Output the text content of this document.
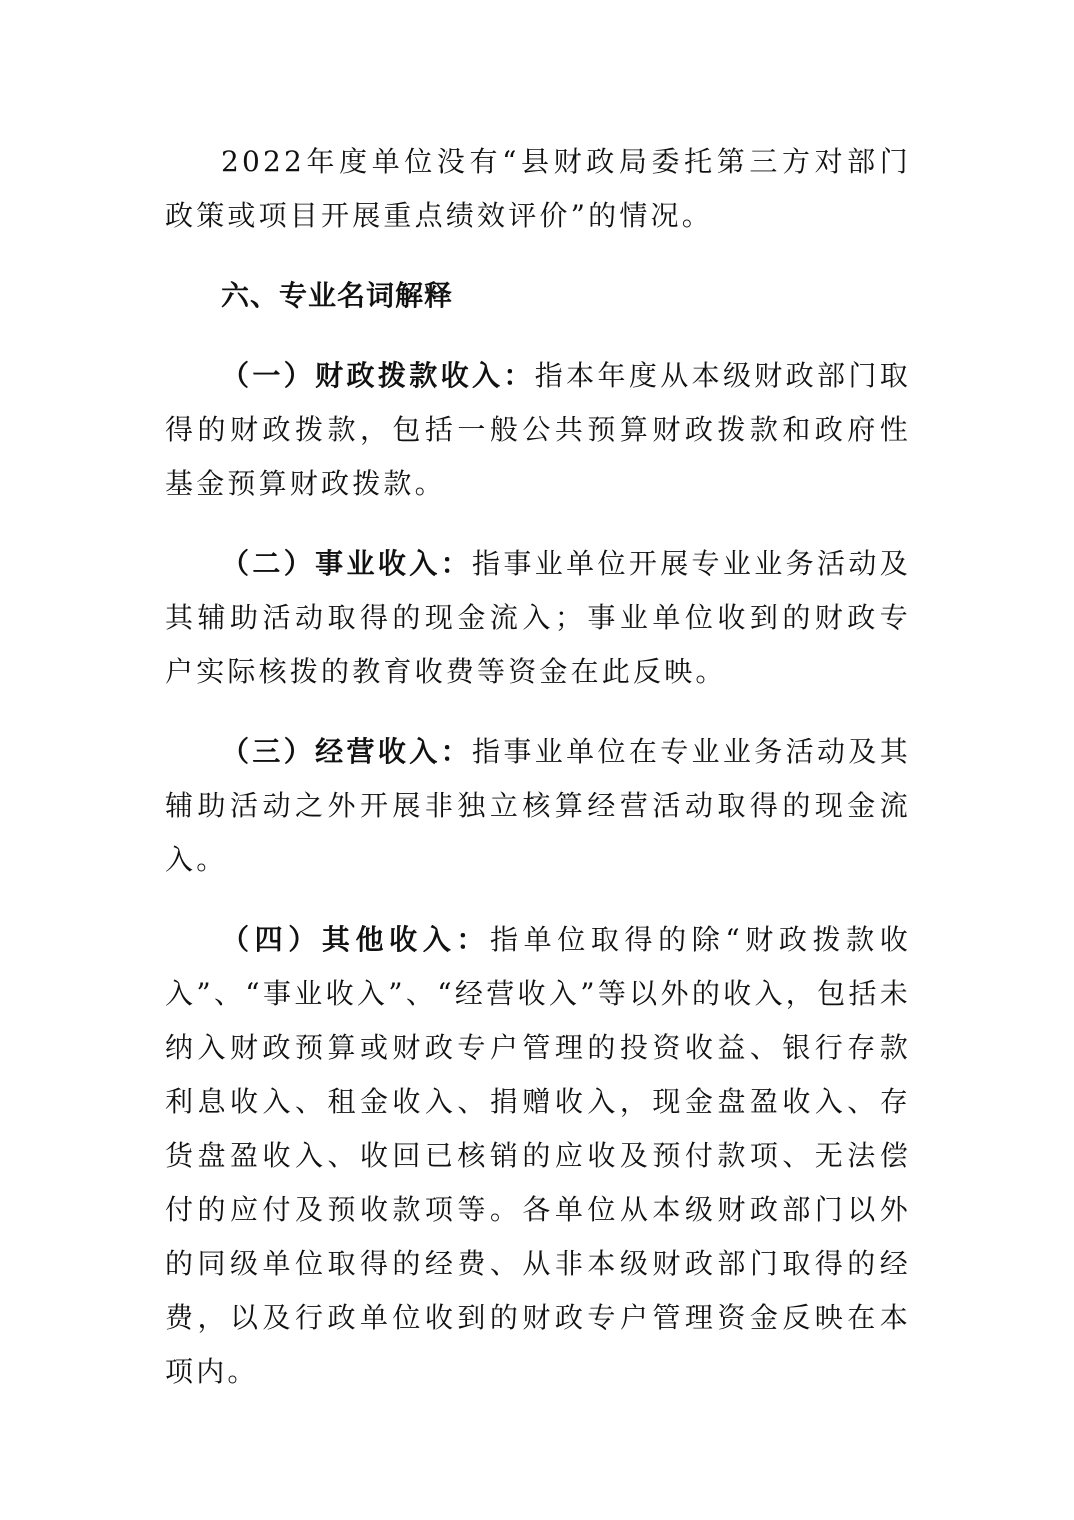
2022年度单位没有“县财政局委托第三方对部门政策或项目开展重点绩效评价”的情况。

六、专业名词解释

（一）财政拨款收入：指本年度从本级财政部门取得的财政拨款，包括一般公共预算财政拨款和政府性基金预算财政拨款。

（二）事业收入：指事业单位开展专业业务活动及其辅助活动取得的现金流入；事业单位收到的财政专户实际核拨的教育收费等资金在此反映。

（三）经营收入：指事业单位在专业业务活动及其辅助活动之外开展非独立核算经营活动取得的现金流入。

（四）其他收入：指单位取得的除“财政拨款收入”、“事业收入”、“经营收入”等以外的收入，包括未纳入财政预算或财政专户管理的投资收益、银行存款利息收入、租金收入、捐赠收入，现金盘盈收入、存货盘盈收入、收回已核销的应收及预付款项、无法偿付的应付及预收款项等。各单位从本级财政部门以外的同级单位取得的经费、从非本级财政部门取得的经费，以及行政单位收到的财政专户管理资金反映在本项内。
